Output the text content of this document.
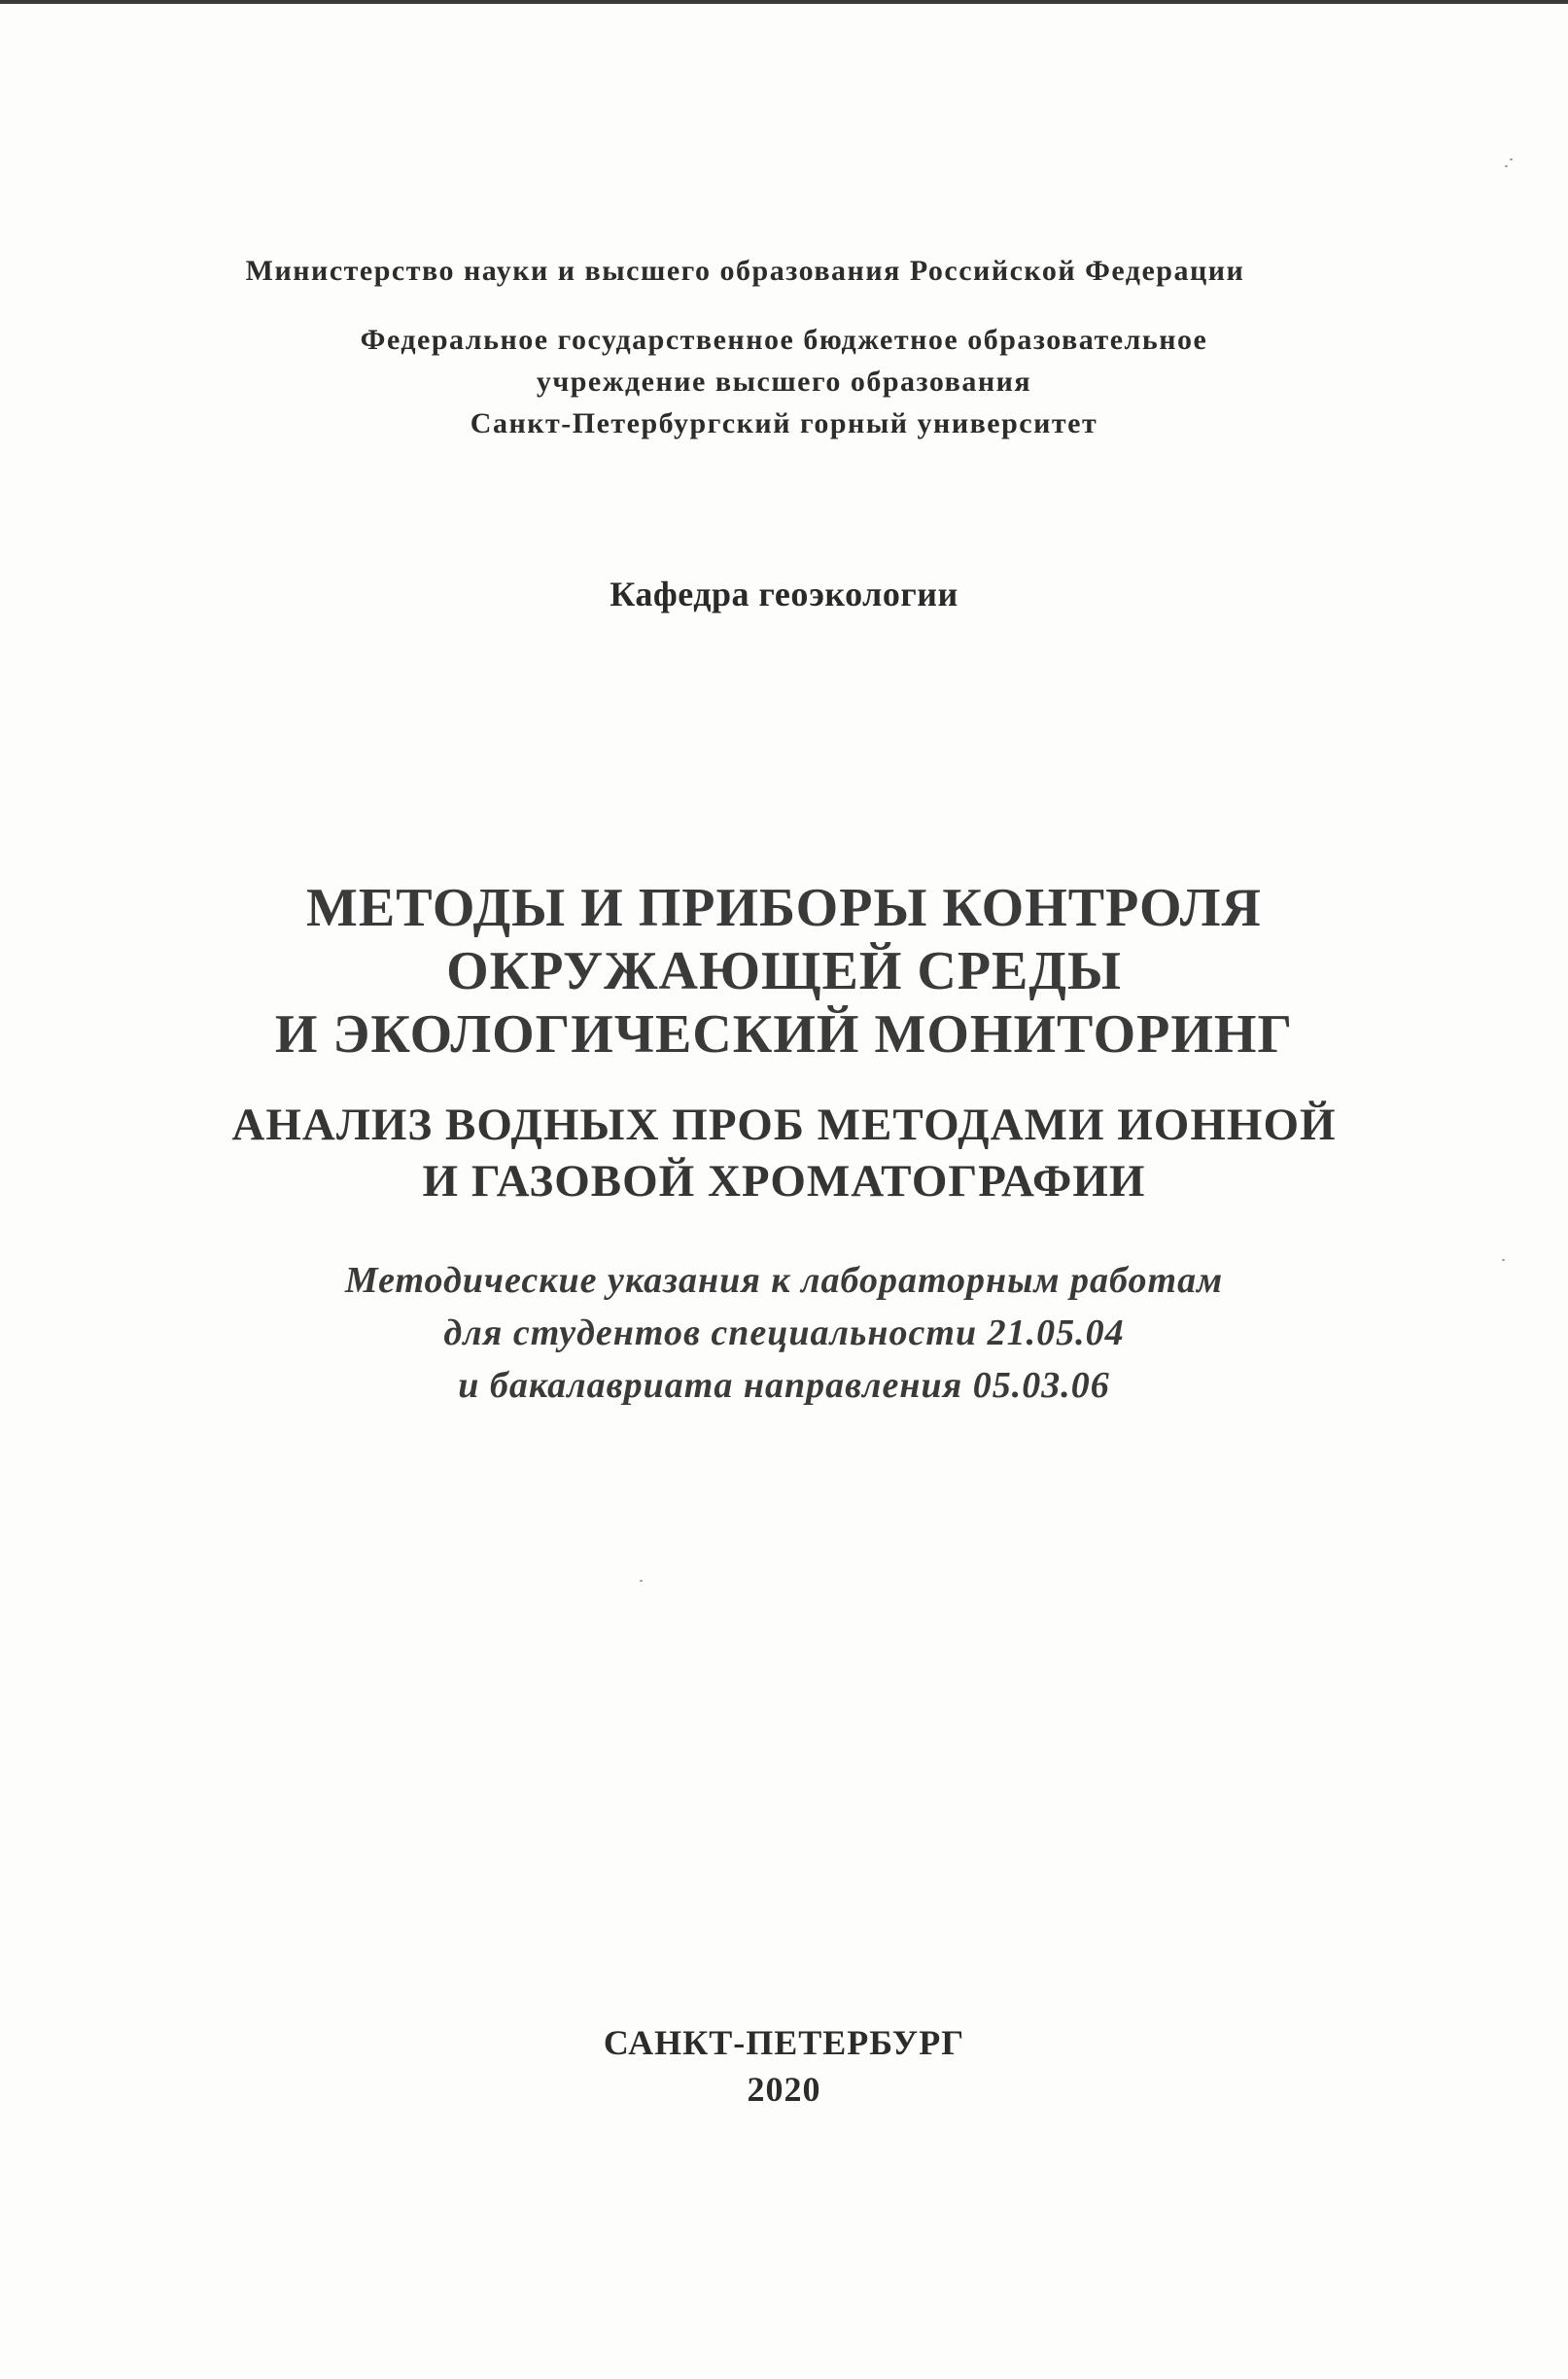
Министерство науки и высшего образования Российской Федерации
Федеральное государственное бюджетное образовательное
учреждение высшего образования
Санкт-Петербургский горный университет
Кафедра геоэкологии
МЕТОДЫ И ПРИБОРЫ КОНТРОЛЯ
ОКРУЖАЮЩЕЙ СРЕДЫ
И ЭКОЛОГИЧЕСКИЙ МОНИТОРИНГ
АНАЛИЗ ВОДНЫХ ПРОБ МЕТОДАМИ ИОННОЙ
И ГАЗОВОЙ ХРОМАТОГРАФИИ
Методические указания к лабораторным работам
для студентов специальности 21.05.04
и бакалавриата направления 05.03.06
САНКТ-ПЕТЕРБУРГ
2020
